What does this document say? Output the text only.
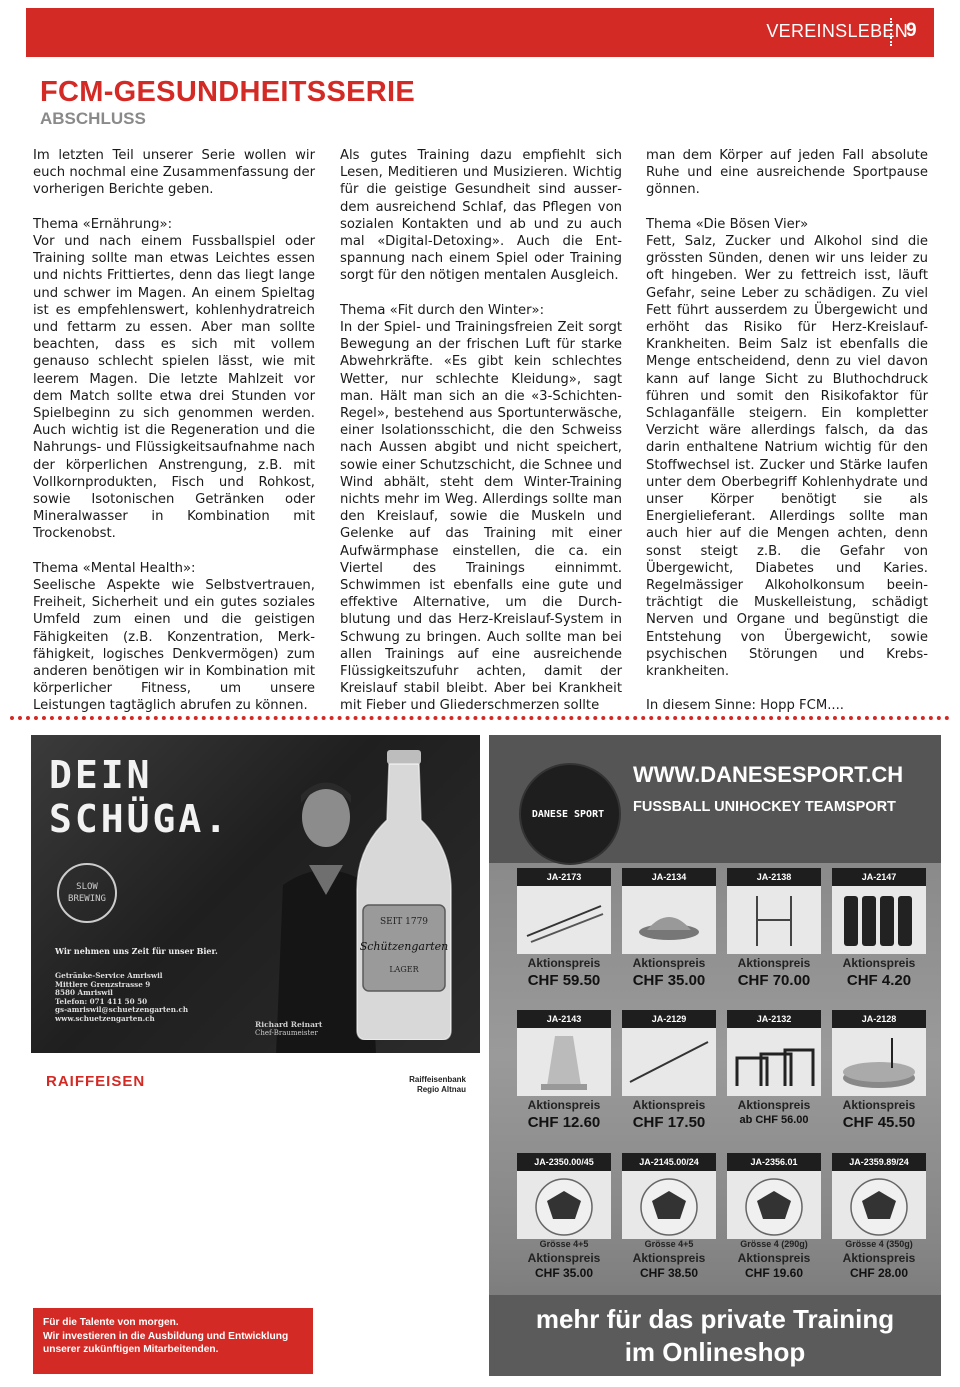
VEREINSLEBEN
9
FCM-GESUNDHEITSSERIE
ABSCHLUSS

Im letzten Teil unserer Serie wollen wir euch nochmal eine Zusammenfassung der vorherigen Berichte geben.

Thema «Ernährung»:
Vor und nach einem Fussballspiel oder Training sollte man etwas Leichtes essen und nichts Frittiertes, denn das liegt lange und schwer im Magen. An einem Spieltag ist es empfehlenswert, kohlenhydratreich und fettarm zu essen. Aber man sollte beachten, dass es sich mit vollem genauso schlecht spielen lässt, wie mit leerem Magen. Die letzte Mahlzeit vor dem Match sollte etwa drei Stunden vor Spielbeginn zu sich genommen werden. Auch wichtig ist die Regeneration und die Nahrungs- und Flüssigkeitsaufnahme nach der körperlichen Anstrengung, z.B. mit Vollkornprodukten, Fisch und Rohkost, sowie Isotonischen Getränken oder Mineralwasser in Kombination mit Trockenobst.

Thema «Mental Health»:
Seelische Aspekte wie Selbstvertrauen, Freiheit, Sicherheit und ein gutes soziales Umfeld zum einen und die geistigen Fähigkeiten (z.B. Konzentration, Merkfähigkeit, logisches Denkvermögen) zum anderen benötigen wir in Kombination mit körperlicher Fitness, um unsere Leistungen tagtäglich abrufen zu können.

Als gutes Training dazu empfiehlt sich Lesen, Meditieren und Musizieren. Wichtig für die geistige Gesundheit sind ausserdem ausreichend Schlaf, das Pflegen von sozialen Kontakten und ab und zu auch mal «Digital-Detoxing». Auch die Entspannung nach einem Spiel oder Training sorgt für den nötigen mentalen Ausgleich.

Thema «Fit durch den Winter»:
In der Spiel- und Trainingsfreien Zeit sorgt Bewegung an der frischen Luft für starke Abwehrkräfte. «Es gibt kein schlechtes Wetter, nur schlechte Kleidung», sagt man. Hält man sich an die «3-Schichten-Regel», bestehend aus Sportunterwäsche, einer Isolationsschicht, die den Schweiss nach Aussen abgibt und nicht speichert, sowie einer Schutzschicht, die Schnee und Wind abhält, steht dem Winter-Training nichts mehr im Weg. Allerdings sollte man den Kreislauf, sowie die Muskeln und Gelenke auf das Training mit einer Aufwärmphase einstellen, die ca. ein Viertel des Trainings einnimmt. Schwimmen ist ebenfalls eine gute und effektive Alternative, um die Durchblutung und das Herz-Kreislauf-System in Schwung zu bringen. Auch sollte man bei allen Trainings auf eine ausreichende Flüssigkeitszufuhr achten, damit der Kreislauf stabil bleibt. Aber bei Krankheit mit Fieber und Gliederschmerzen sollte

man dem Körper auf jeden Fall absolute Ruhe und eine ausreichende Sportpause gönnen.

Thema «Die Bösen Vier»
Fett, Salz, Zucker und Alkohol sind die grössten Sünden, denen wir uns leider zu oft hingeben. Wer zu fettreich isst, läuft Gefahr, seine Leber zu schädigen. Zu viel Fett führt ausserdem zu Übergewicht und erhöht das Risiko für Herz-Kreislauf-Krankheiten. Beim Salz ist ebenfalls die Menge entscheidend, denn zu viel davon kann auf lange Sicht zu Bluthochdruck führen und somit den Risikofaktor für Schlaganfälle steigern. Ein kompletter Verzicht wäre allerdings falsch, da das darin enthaltene Natrium wichtig für den Stoffwechsel ist. Zucker und Stärke laufen unter dem Oberbegriff Kohlenhydrate und unser Körper benötigt sie als Energielieferant. Allerdings sollte man auch hier auf die Mengen achten, denn sonst steigt z.B. die Gefahr von Übergewicht, Diabetes und Karies. Regelmässiger Alkoholkonsum beeinträchtigt die Muskelleistung, schädigt Nerven und Organe und begünstigt die Entstehung von Übergewicht, sowie psychischen Störungen und Krebskrankheiten.

In diesem Sinne: Hopp FCM....

DEIN
SCHÜGA.
SLOW BREWING
SEIT 1779
Schützengarten
LAGER
Wir nehmen uns Zeit für unser Bier.
Getränke-Service Amriswil
Mittlere Grenzstrasse 9
8580 Amriswil
Telefon: 071 411 50 50
gs-amriswil@schuetzengarten.ch
www.schuetzengarten.ch
Richard Reinart
Chef-Braumeister
RAIFFEISEN	Raiffeisenbank
Regio Altnau
Für die Talente von morgen.
Wir investieren in die Ausbildung und Entwicklung unserer zukünftigen Mitarbeitenden.
DANESE SPORT
WWW.DANESESPORT.CH
FUSSBALL UNIHOCKEY TEAMSPORT
JA-2173
Aktionspreis
CHF 59.50
JA-2134
Aktionspreis
CHF 35.00
JA-2138
Aktionspreis
CHF 70.00
JA-2147
Aktionspreis
CHF 4.20
JA-2143
Aktionspreis
CHF 12.60
JA-2129
Aktionspreis
CHF 17.50
JA-2132
Aktionspreis
ab CHF 56.00
JA-2128
Aktionspreis
CHF 45.50
JA-2350.00/45
Grösse 4+5
Aktionspreis
CHF 35.00
JA-2145.00/24
Grösse 4+5
Aktionspreis
CHF 38.50
JA-2356.01
Grösse 4 (290g)
Aktionspreis
CHF 19.60
JA-2359.89/24
Grösse 4 (350g)
Aktionspreis
CHF 28.00
mehr für das private Training
im Onlineshop
